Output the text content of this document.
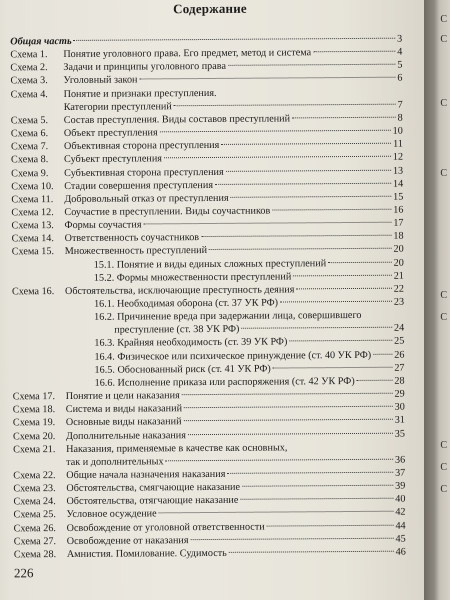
Содержание
Общая часть	3
Схема 1. Понятие уголовного права. Его предмет, метод и система	4
Схема 2. Задачи и принципы уголовного права	5
Схема 3. Уголовный закон	6
Схема 4. Понятие и признаки преступления.
Категории преступлений	7
Схема 5. Состав преступления. Виды составов преступлений	8
Схема 6. Объект преступления	10
Схема 7. Объективная сторона преступления	11
Схема 8. Субъект преступления	12
Схема 9. Субъективная сторона преступления	13
Схема 10. Стадии совершения преступления	14
Схема 11. Добровольный отказ от преступления	15
Схема 12. Соучастие в преступлении. Виды соучастников	16
Схема 13. Формы соучастия	17
Схема 14. Ответственность соучастников	18
Схема 15. Множественность преступлений	20
15.1. Понятие и виды единых сложных преступлений	20
15.2. Формы множественности преступлений	21
Схема 16. Обстоятельства, исключающие преступность деяния	22
16.1. Необходимая оборона (ст. 37 УК РФ)	23
16.2. Причинение вреда при задержании лица, совершившего
преступление (ст. 38 УК РФ)	24
16.3. Крайняя необходимость (ст. 39 УК РФ)	25
16.4. Физическое или психическое принуждение (ст. 40 УК РФ) 26
16.5. Обоснованный риск (ст. 41 УК РФ)	27
16.6. Исполнение приказа или распоряжения (ст. 42 УК РФ)	28
Схема 17. Понятие и цели наказания	29
Схема 18. Система и виды наказаний	30
Схема 19. Основные виды наказаний	31
Схема 20. Дополнительные наказания	35
Схема 21. Наказания, применяемые в качестве как основных,
так и дополнительных	36
Схема 22. Общие начала назначения наказания	37
Схема 23. Обстоятельства, смягчающие наказание	39
Схема 24. Обстоятельства, отягчающие наказание	40
Схема 25. Условное осуждение	42
Схема 26. Освобождение от уголовной ответственности	44
Схема 27. Освобождение от наказания	45
Схема 28. Амнистия. Помилование. Судимость	46
226
С
С
С
С
С
С
С
С
С
